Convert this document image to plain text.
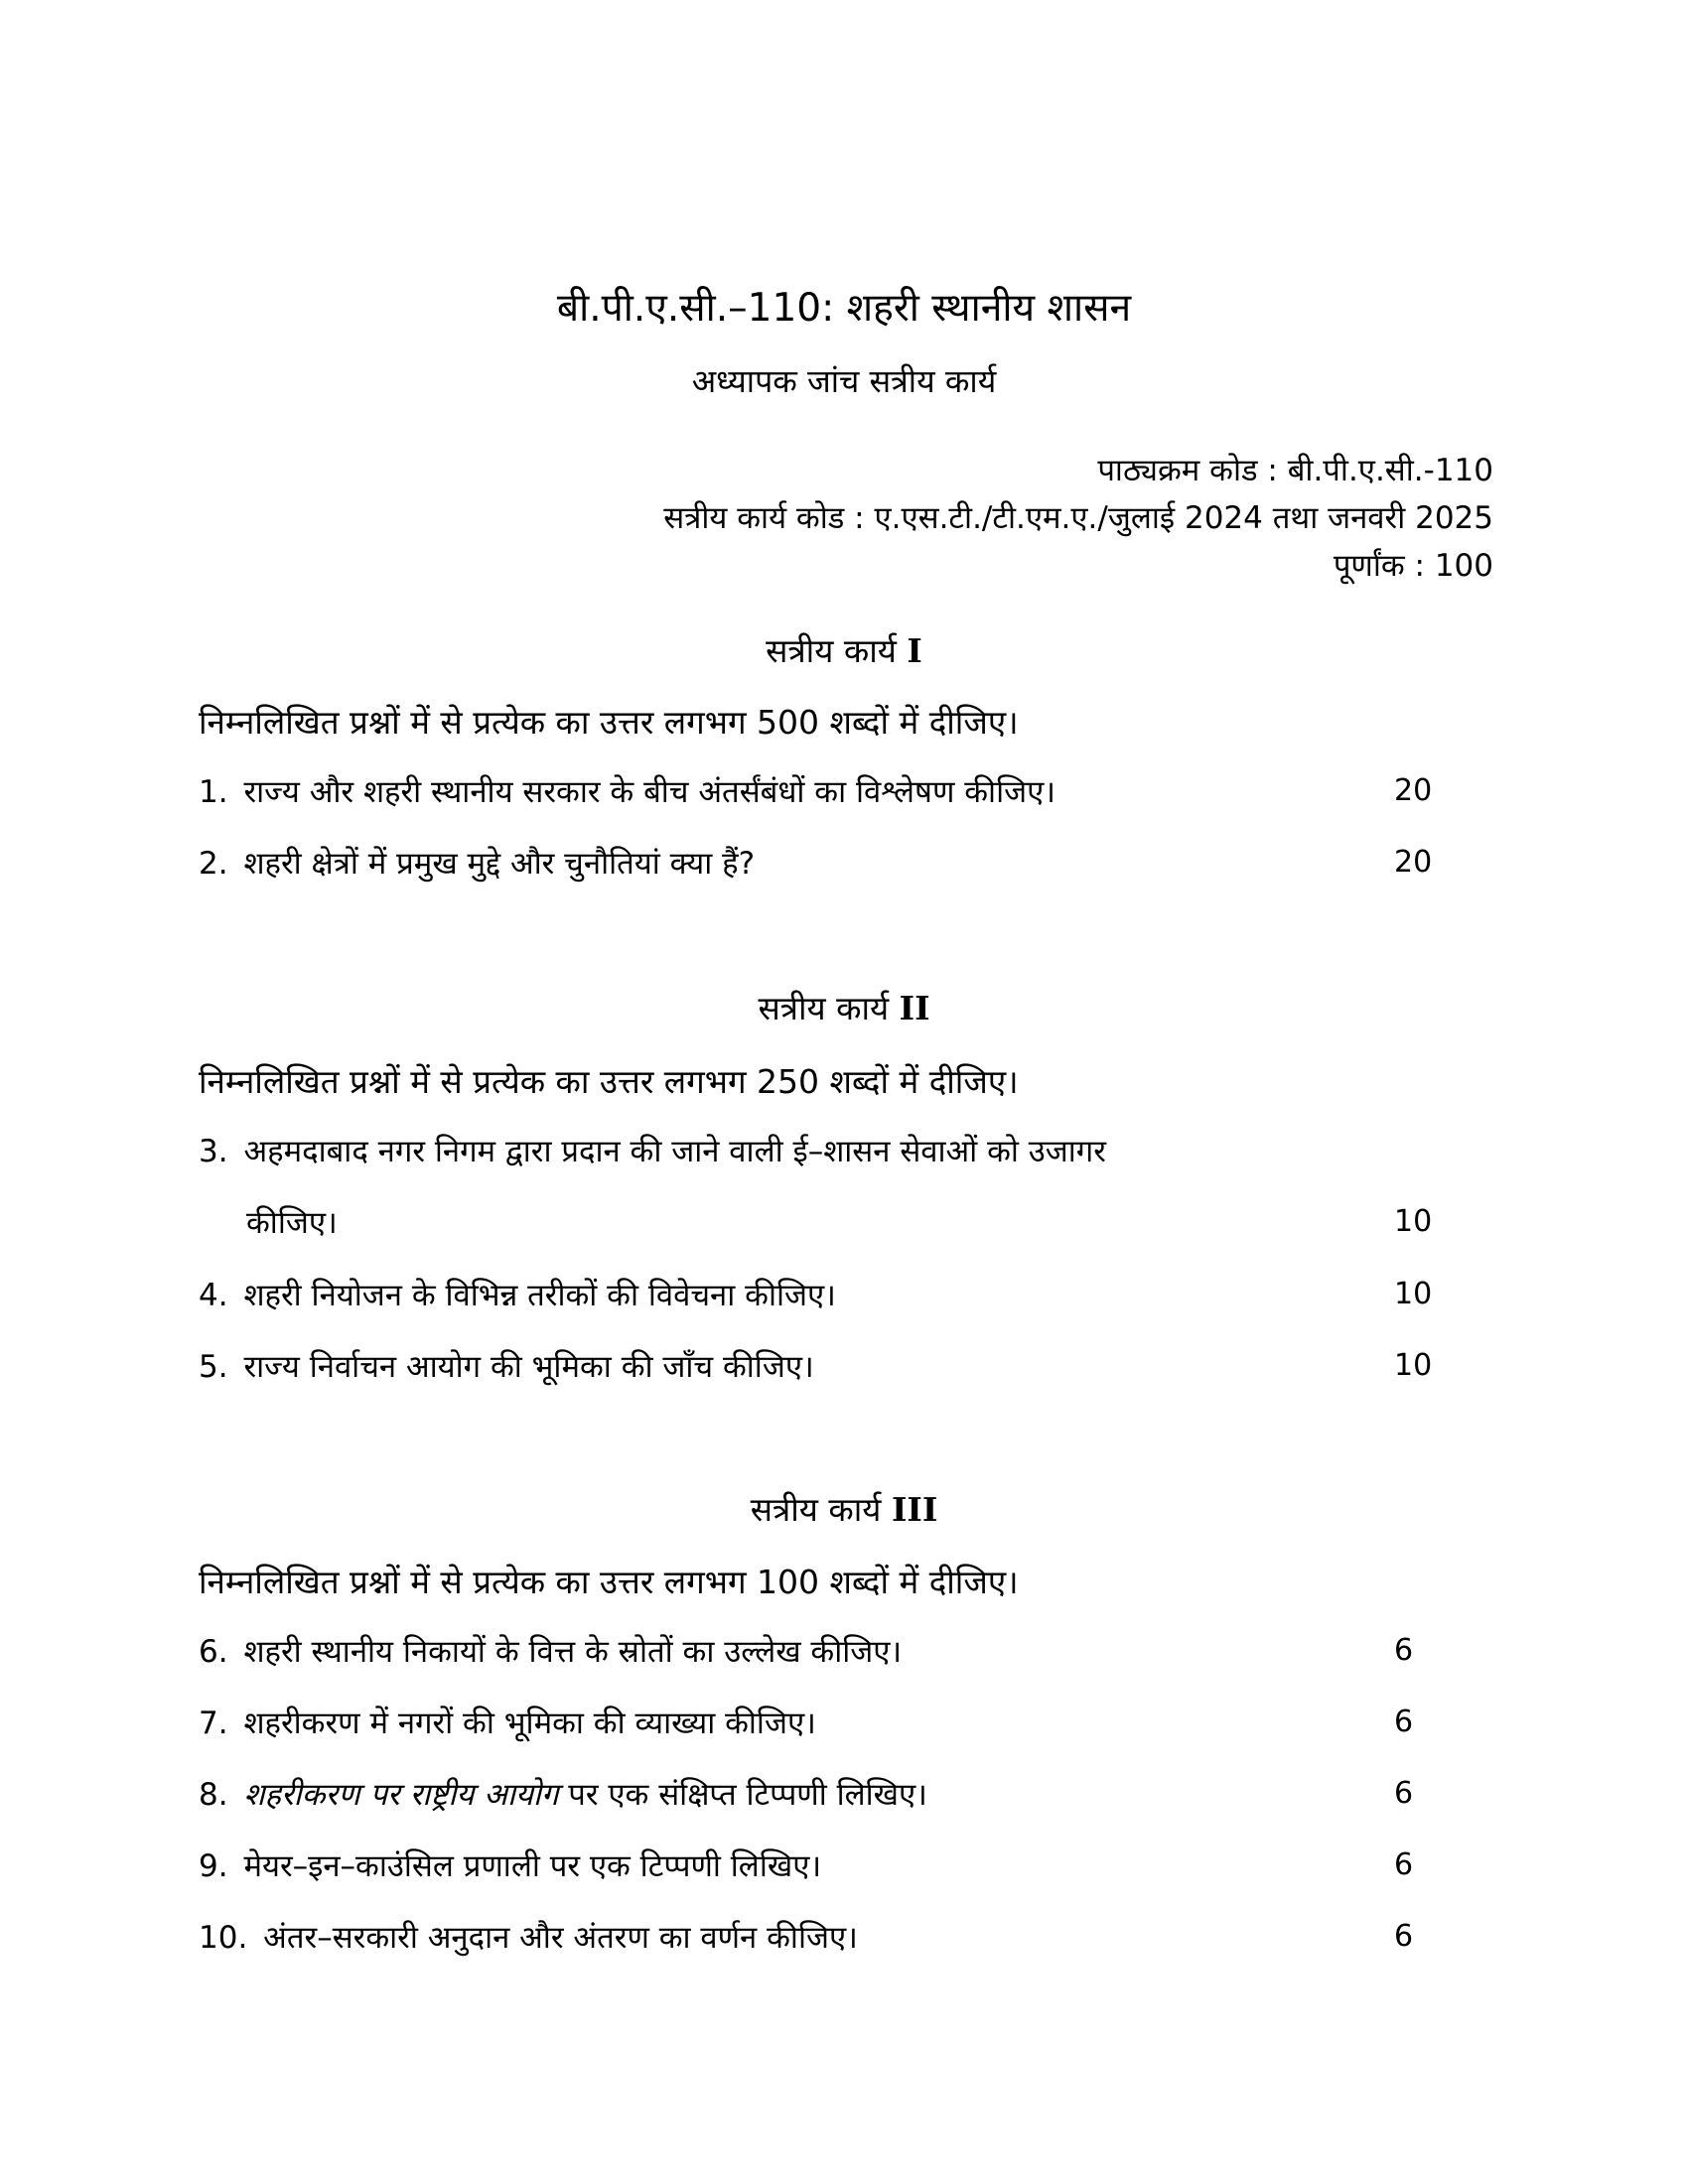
बी.पी.ए.सी.–110: शहरी स्थानीय शासन
अध्यापक जांच सत्रीय कार्य
पाठ्यक्रम कोड : बी.पी.ए.सी.-110
सत्रीय कार्य कोड : ए.एस.टी./टी.एम.ए./जुलाई 2024 तथा जनवरी 2025
पूर्णांक : 100
सत्रीय कार्य I
निम्नलिखित प्रश्नों में से प्रत्येक का उत्तर लगभग 500 शब्दों में दीजिए।
1. राज्य और शहरी स्थानीय सरकार के बीच अंतर्संबंधों का विश्लेषण कीजिए।	20
2. शहरी क्षेत्रों में प्रमुख मुद्दे और चुनौतियां क्या हैं?	20
सत्रीय कार्य II
निम्नलिखित प्रश्नों में से प्रत्येक का उत्तर लगभग 250 शब्दों में दीजिए।
3. अहमदाबाद नगर निगम द्वारा प्रदान की जाने वाली ई–शासन सेवाओं को उजागर
कीजिए।	10
4. शहरी नियोजन के विभिन्न तरीकों की विवेचना कीजिए।	10
5. राज्य निर्वाचन आयोग की भूमिका की जाँच कीजिए।	10
सत्रीय कार्य III
निम्नलिखित प्रश्नों में से प्रत्येक का उत्तर लगभग 100 शब्दों में दीजिए।
6. शहरी स्थानीय निकायों के वित्त के स्रोतों का उल्लेख कीजिए।	6
7. शहरीकरण में नगरों की भूमिका की व्याख्या कीजिए।	6
8. शहरीकरण पर राष्ट्रीय आयोग पर एक संक्षिप्त टिप्पणी लिखिए।	6
9. मेयर–इन–काउंसिल प्रणाली पर एक टिप्पणी लिखिए।	6
10. अंतर–सरकारी अनुदान और अंतरण का वर्णन कीजिए।	6
